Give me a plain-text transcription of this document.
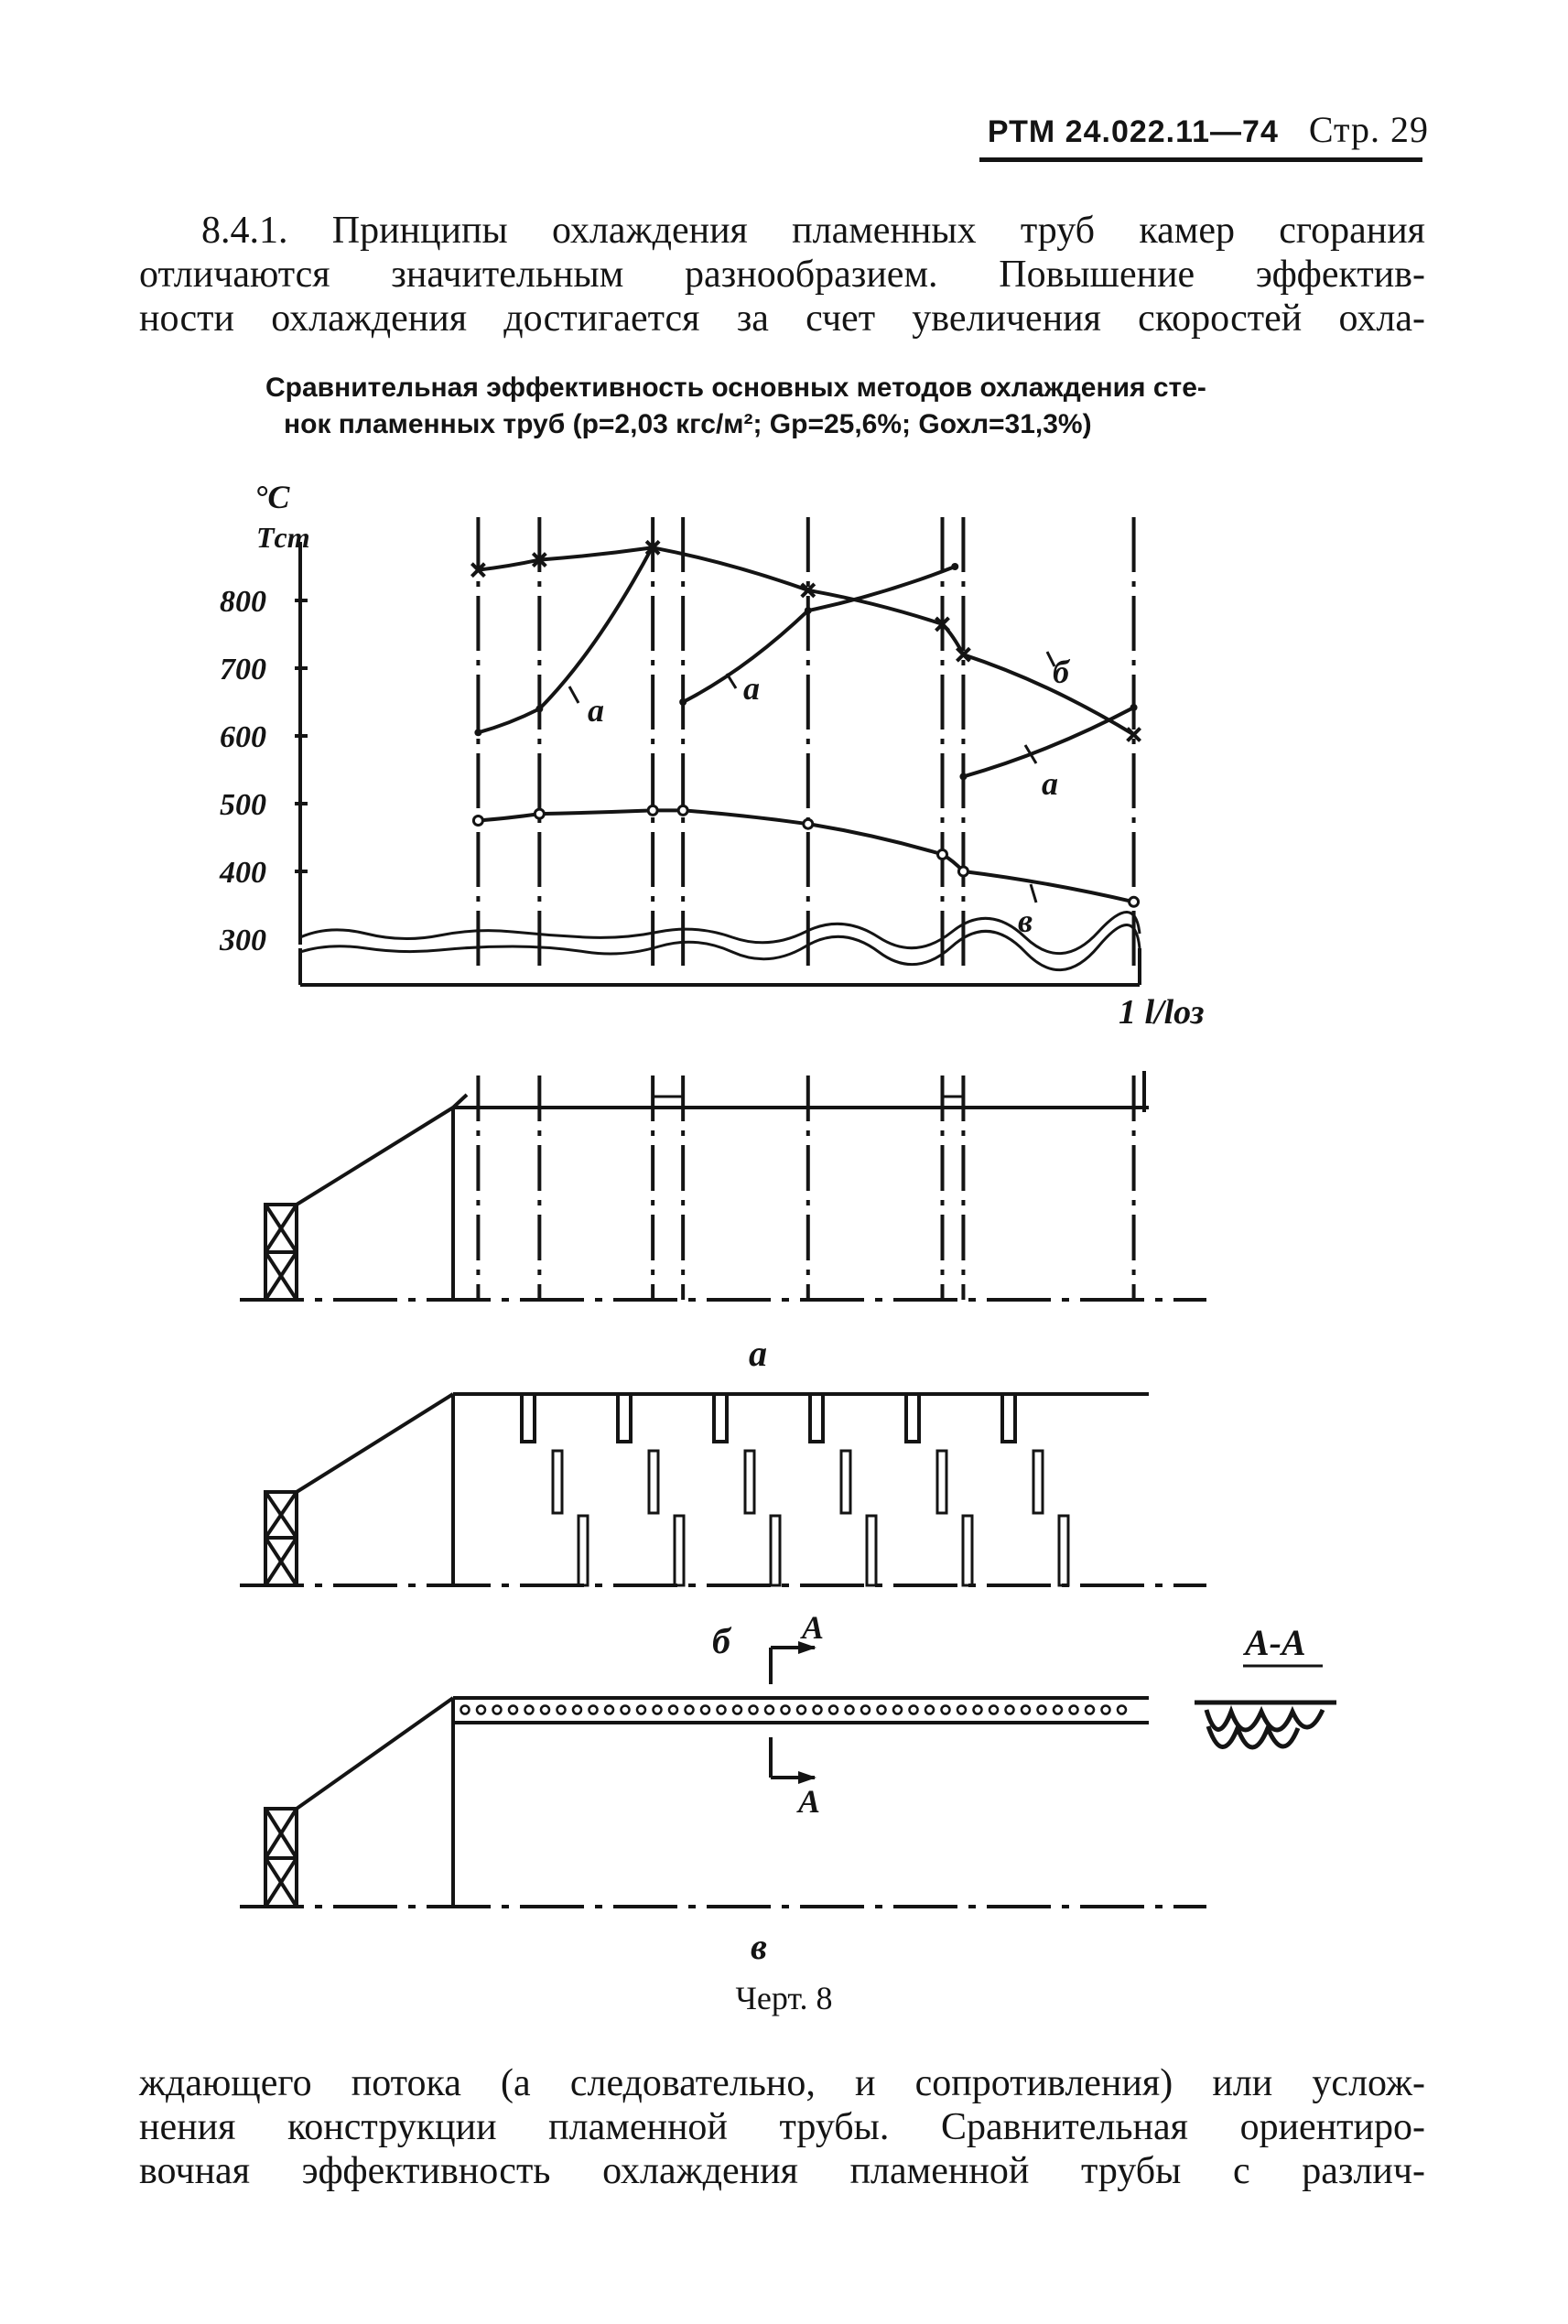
РТМ 24.022.11—74 Стр. 29
8.4.1. Принципы охлаждения пламенных труб камер сгорания
отличаются значительным разнообразием. Повышение эффектив-
ности охлаждения достигается за счет увеличения скоростей охла-
Сравнительная эффективность основных методов охлаждения сте-
нок пламенных труб (p=2,03 кгс/м²; Gр=25,6%; Gохл=31,3%)
°C
Tст
1 l/lоз
300
400
500
600
700
800
а
а
а
б
в
а
б А
А
в
А-А
Черт. 8
ждающего потока (а следовательно, и сопротивления) или услож-
нения конструкции пламенной трубы. Сравнительная ориентиро-
вочная эффективность охлаждения пламенной трубы с различ-
